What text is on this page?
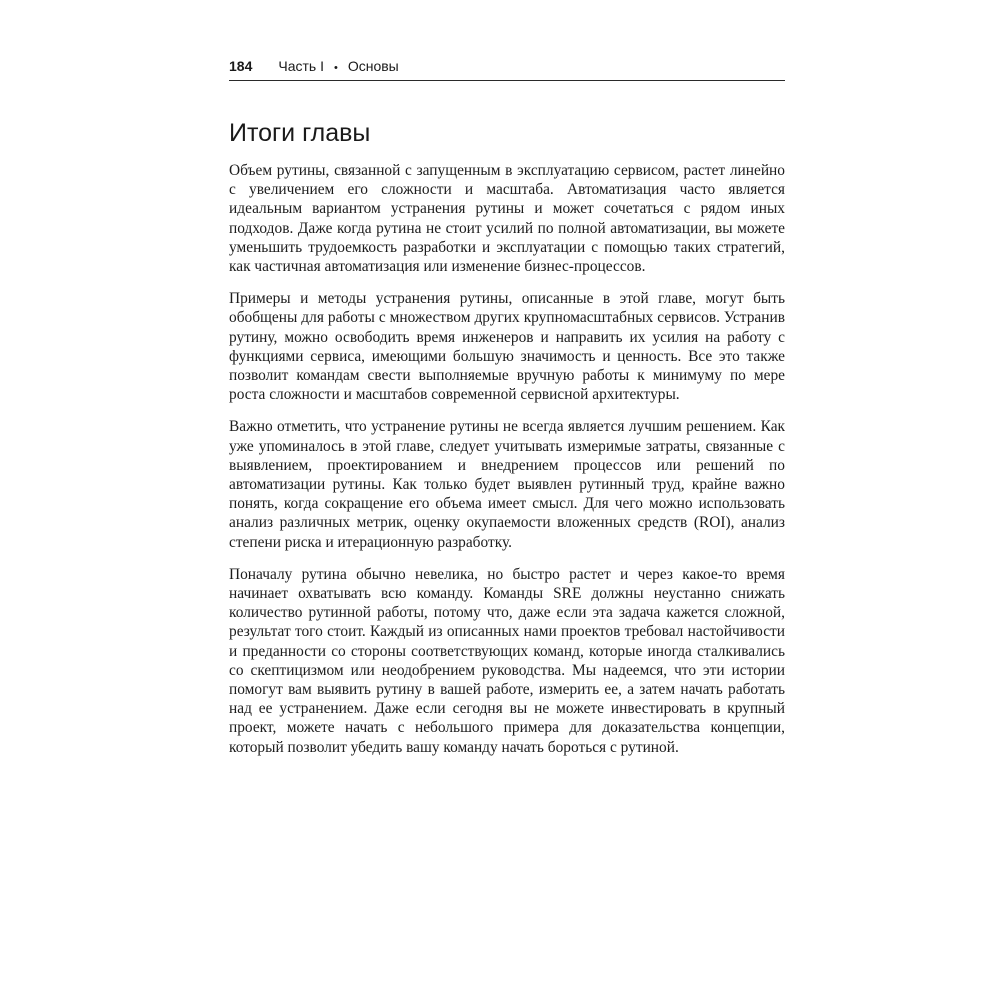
184 Часть I • Основы
Итоги главы

Объем рутины, связанной с запущенным в эксплуатацию сервисом, растет линейно с увеличением его сложности и масштаба. Автоматизация часто является идеальным вариантом устранения рутины и может сочетаться с рядом иных подходов. Даже когда рутина не стоит усилий по полной автоматизации, вы можете уменьшить трудоемкость разработки и эксплуатации с помощью таких стратегий, как частичная автоматизация или изменение бизнес-процессов.

Примеры и методы устранения рутины, описанные в этой главе, могут быть обобщены для работы с множеством других крупномасштабных сервисов. Устранив рутину, можно освободить время инженеров и направить их усилия на работу с функциями сервиса, имеющими большую значимость и ценность. Все это также позволит командам свести выполняемые вручную работы к минимуму по мере роста сложности и масштабов современной сервисной архитектуры.

Важно отметить, что устранение рутины не всегда является лучшим решением. Как уже упоминалось в этой главе, следует учитывать измеримые затраты, связанные с выявлением, проектированием и внедрением процессов или решений по автоматизации рутины. Как только будет выявлен рутинный труд, крайне важно понять, когда сокращение его объема имеет смысл. Для чего можно использовать анализ различных метрик, оценку окупаемости вложенных средств (ROI), анализ степени риска и итерационную разработку.

Поначалу рутина обычно невелика, но быстро растет и через какое-то время начинает охватывать всю команду. Команды SRE должны неустанно снижать количество рутинной работы, потому что, даже если эта задача кажется сложной, результат того стоит. Каждый из описанных нами проектов требовал настойчивости и преданности со стороны соответствующих команд, которые иногда сталкивались со скептицизмом или неодобрением руководства. Мы надеемся, что эти истории помогут вам выявить рутину в вашей работе, измерить ее, а затем начать работать над ее устранением. Даже если сегодня вы не можете инвестировать в крупный проект, можете начать с небольшого примера для доказательства концепции, который позволит убедить вашу команду начать бороться с рутиной.
